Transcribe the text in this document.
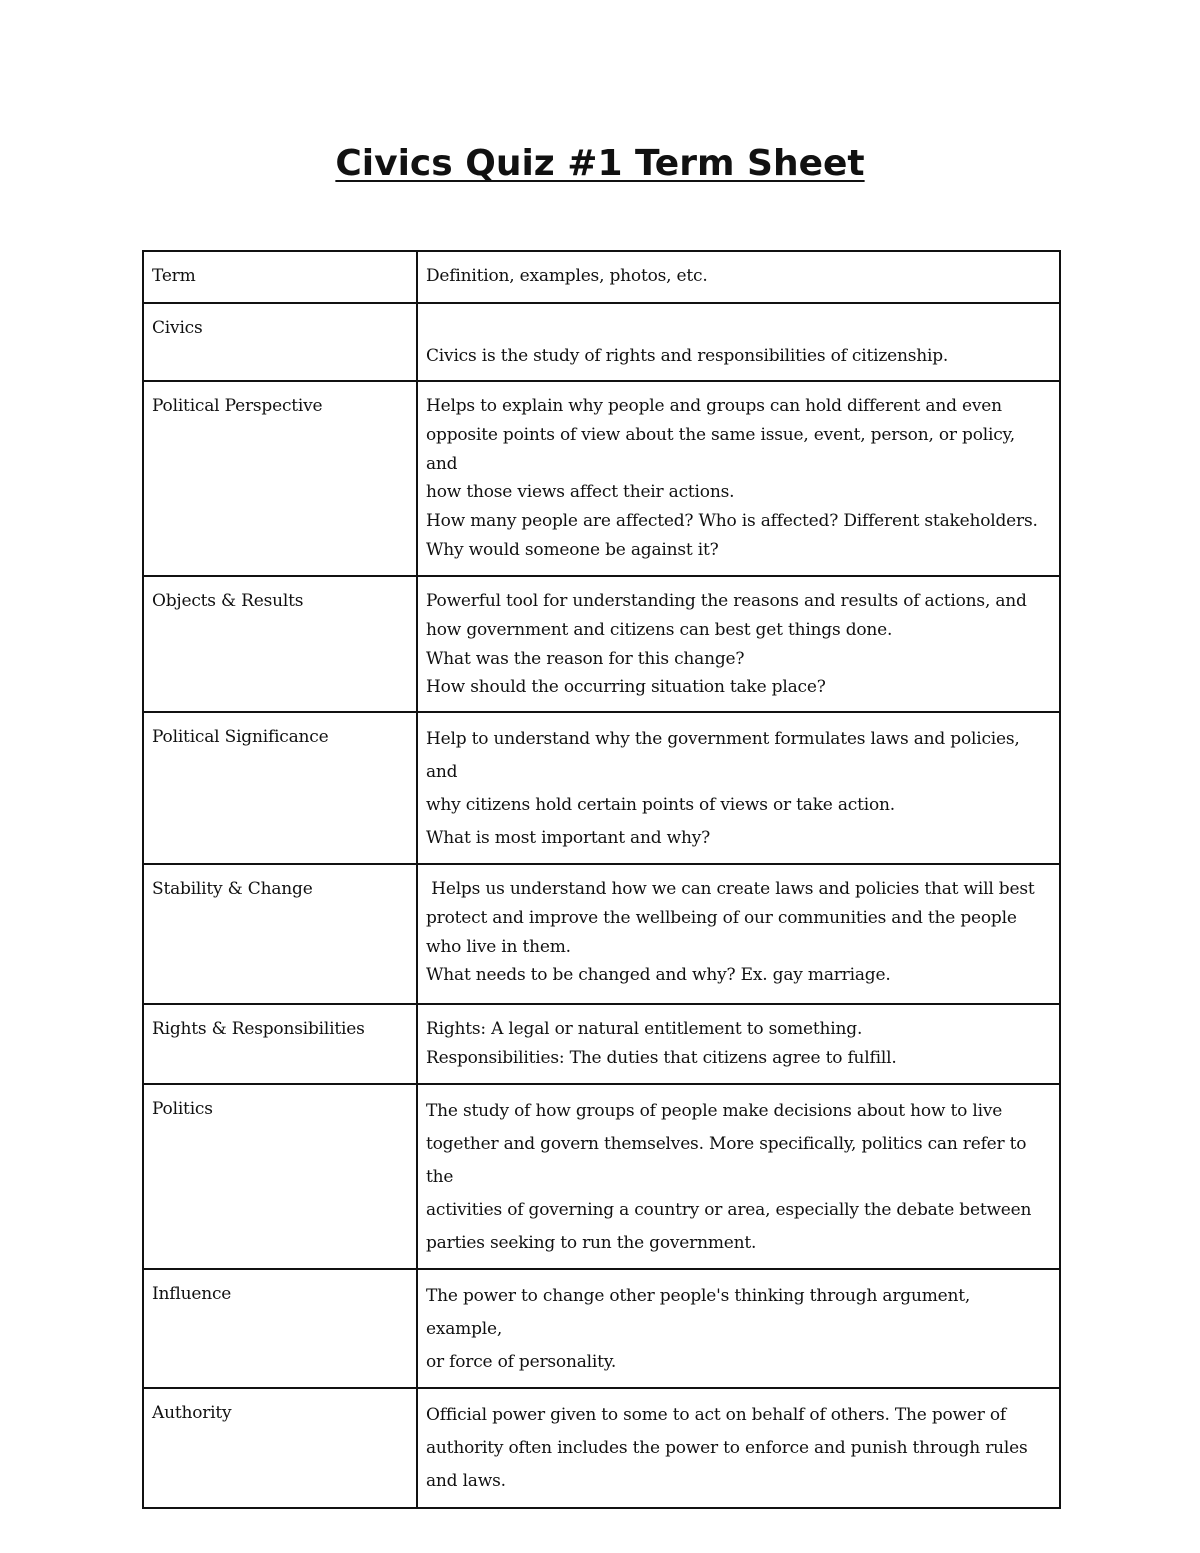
Civics Quiz #1 Term Sheet
Term	Definition, examples, photos, etc.
Civics	Civics is the study of rights and responsibilities of citizenship.

Political Perspective	Helps to explain why people and groups can hold different and even
opposite points of view about the same issue, event, person, or policy, and
how those views affect their actions.
How many people are affected? Who is affected? Different stakeholders.
Why would someone be against it?

Objects & Results	Powerful tool for understanding the reasons and results of actions, and
how government and citizens can best get things done.
What was the reason for this change?
How should the occurring situation take place?

Political Significance	Help to understand why the government formulates laws and policies, and
why citizens hold certain points of views or take action.
What is most important and why?

Stability & Change	Helps us understand how we can create laws and policies that will best
protect and improve the wellbeing of our communities and the people
who live in them.
What needs to be changed and why? Ex. gay marriage.

Rights & Responsibilities	Rights: A legal or natural entitlement to something.
Responsibilities: The duties that citizens agree to fulfill.

Politics	The study of how groups of people make decisions about how to live
together and govern themselves. More specifically, politics can refer to the
activities of governing a country or area, especially the debate between
parties seeking to run the government.

Influence	The power to change other people's thinking through argument, example,
or force of personality.

Authority	Official power given to some to act on behalf of others. The power of
authority often includes the power to enforce and punish through rules
and laws.
